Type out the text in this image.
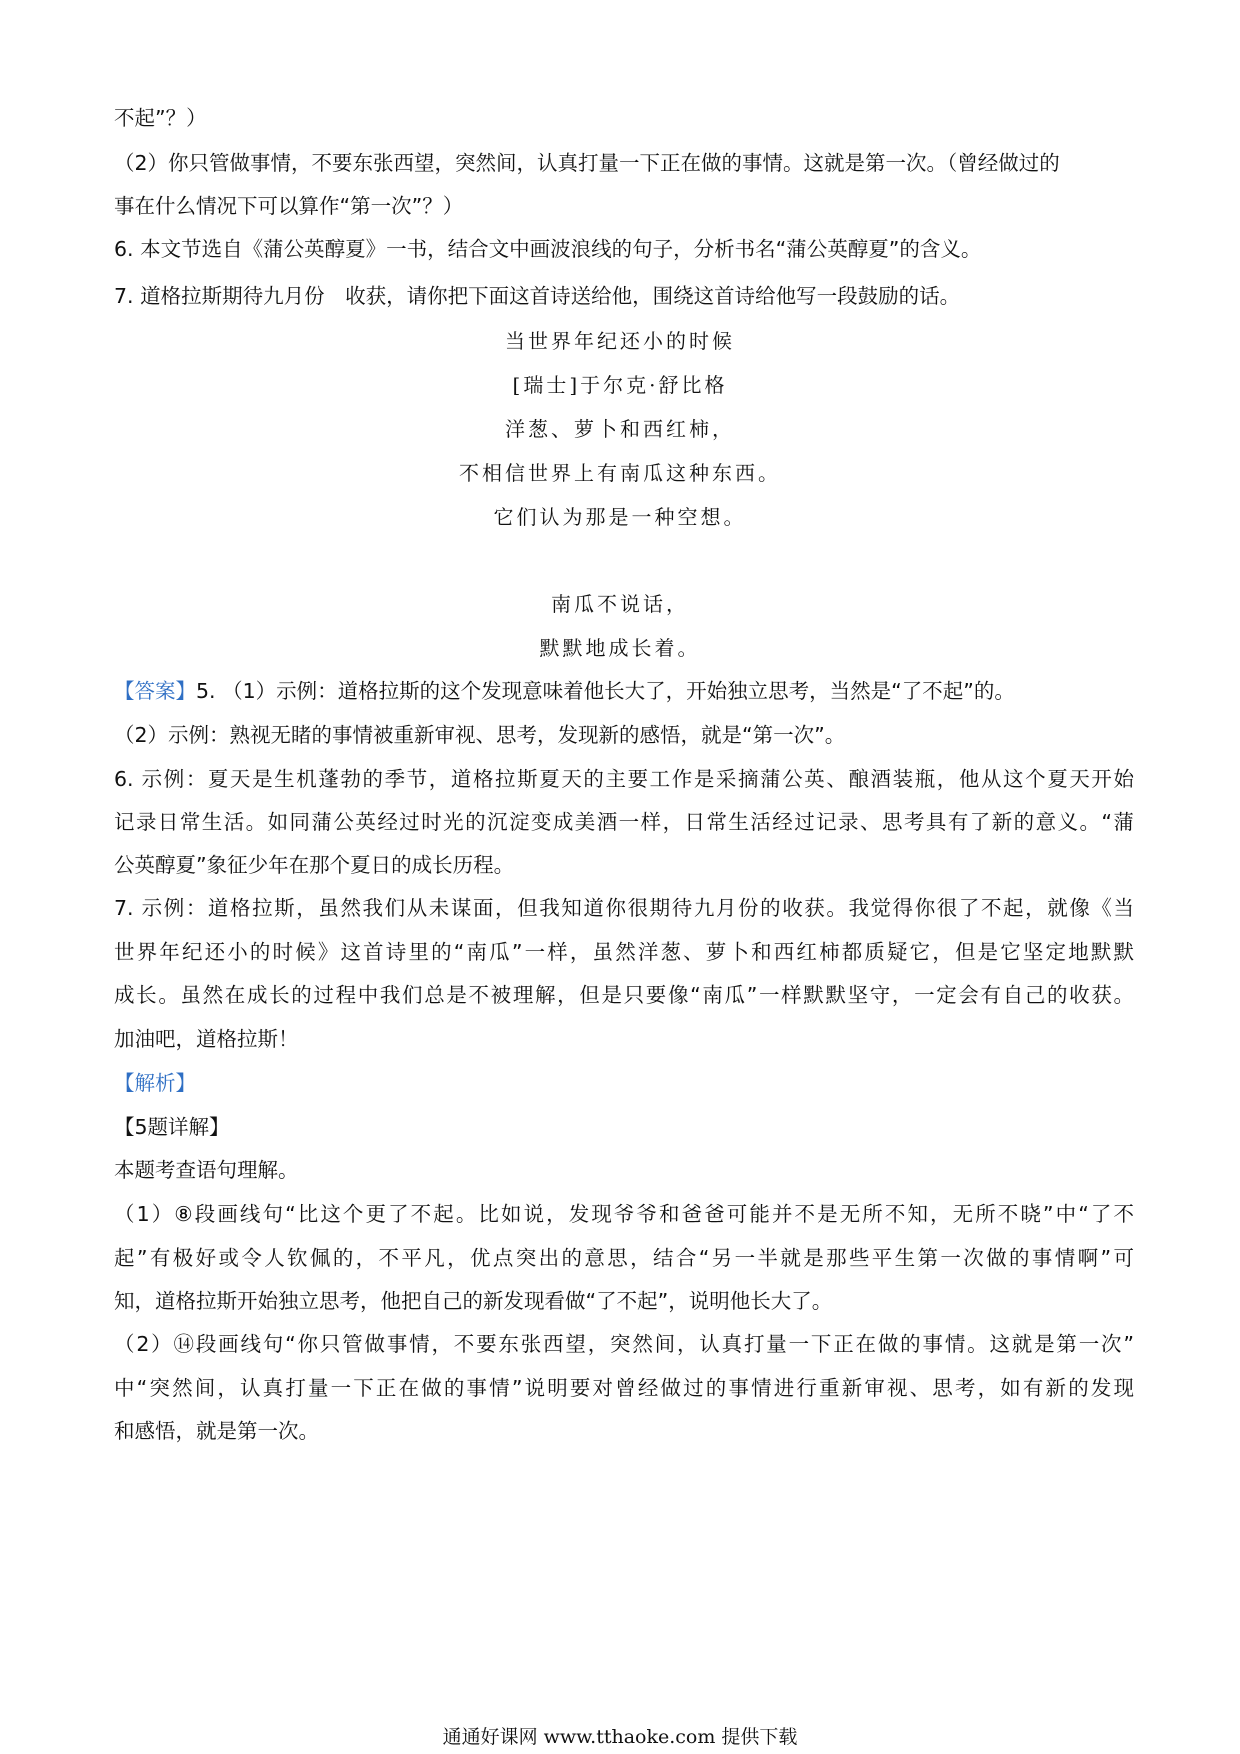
不起”？）
（2）你只管做事情，不要东张西望，突然间，认真打量一下正在做的事情。这就是第一次。（曾经做过的
事在什么情况下可以算作“第一次”？）
6. 本文节选自《蒲公英醇夏》一书，结合文中画波浪线的句子，分析书名“蒲公英醇夏”的含义。
7. 道格拉斯期待九月份　收获，请你把下面这首诗送给他，围绕这首诗给他写一段鼓励的话。
当世界年纪还小的时候
[瑞士]于尔克·舒比格
洋葱、萝卜和西红柿，
不相信世界上有南瓜这种东西。
它们认为那是一种空想。
南瓜不说话，
默默地成长着。
【答案】5. （1）示例：道格拉斯的这个发现意味着他长大了，开始独立思考，当然是“了不起”的。
（2）示例：熟视无睹的事情被重新审视、思考，发现新的感悟，就是“第一次”。
6. 示例：夏天是生机蓬勃的季节，道格拉斯夏天的主要工作是采摘蒲公英、酿酒装瓶，他从这个夏天开始
记录日常生活。如同蒲公英经过时光的沉淀变成美酒一样，日常生活经过记录、思考具有了新的意义。“蒲
公英醇夏”象征少年在那个夏日的成长历程。
7. 示例：道格拉斯，虽然我们从未谋面，但我知道你很期待九月份的收获。我觉得你很了不起，就像《当
世界年纪还小的时候》这首诗里的“南瓜”一样，虽然洋葱、萝卜和西红柿都质疑它，但是它坚定地默默
成长。虽然在成长的过程中我们总是不被理解，但是只要像“南瓜”一样默默坚守，一定会有自己的收获。
加油吧，道格拉斯！
【解析】
【5题详解】
本题考查语句理解。
（1）⑧段画线句“比这个更了不起。比如说，发现爷爷和爸爸可能并不是无所不知，无所不晓”中“了不
起”有极好或令人钦佩的，不平凡，优点突出的意思，结合“另一半就是那些平生第一次做的事情啊”可
知，道格拉斯开始独立思考，他把自己的新发现看做“了不起”，说明他长大了。
（2）⑭段画线句“你只管做事情，不要东张西望，突然间，认真打量一下正在做的事情。这就是第一次”
中“突然间，认真打量一下正在做的事情”说明要对曾经做过的事情进行重新审视、思考，如有新的发现
和感悟，就是第一次。
通通好课网 www.tthaoke.com 提供下载
